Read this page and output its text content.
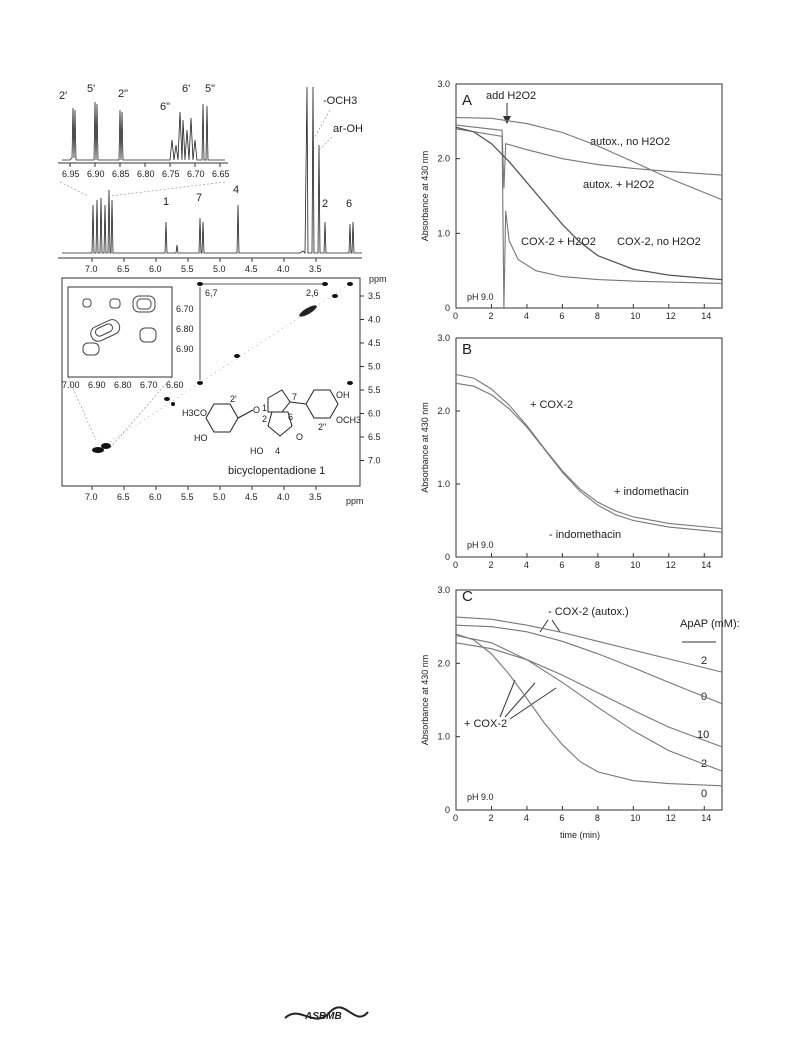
6.95 6.90 6.85 6.80 6.75 6.70 6.65
2'
5' 2"
6"
6' 5"
-OCH3
ar-OH
1 7
4
2 6
7.0 6.5 6.0 5.5 5.0 4.5 4.0 3.5
7.0 6.5 6.0 5.5 5.0 4.5 4.0 3.5
3.5
4.0
4.5
5.0
5.5
6.0
6.5
7.0
ppm
ppm
6,7	2,6
7.00 6.90 6.80 6.70 6.60
6.70
6.80
6.90
H3CO
HO
2'
O 1
2
7
6
2"
OH
OCH3
HO 4
O
bicyclopentadione 1
A
pH 9.0
add H2O2
autox., no H2O2
autox. + H2O2
COX-2 + H2O2 COX-2, no H2O2
0	2	4	6	8	10	12	14
0
1.0
2.0
3.0
Absorbance at 430 nm
B
pH 9.0
+ COX-2
+ indomethacin
- indomethacin
0	2	4	6	8	10	12	14
0
1.0
2.0
3.0
Absorbance at 430 nm
C
pH 9.0
- COX-2 (autox.)
+ COX-2
ApAP (mM):
2
0
10
2
0
time (min)
0	2	4	6	8	10	12	14
0
1.0
2.0
3.0
Absorbance at 430 nm
ASBMB
